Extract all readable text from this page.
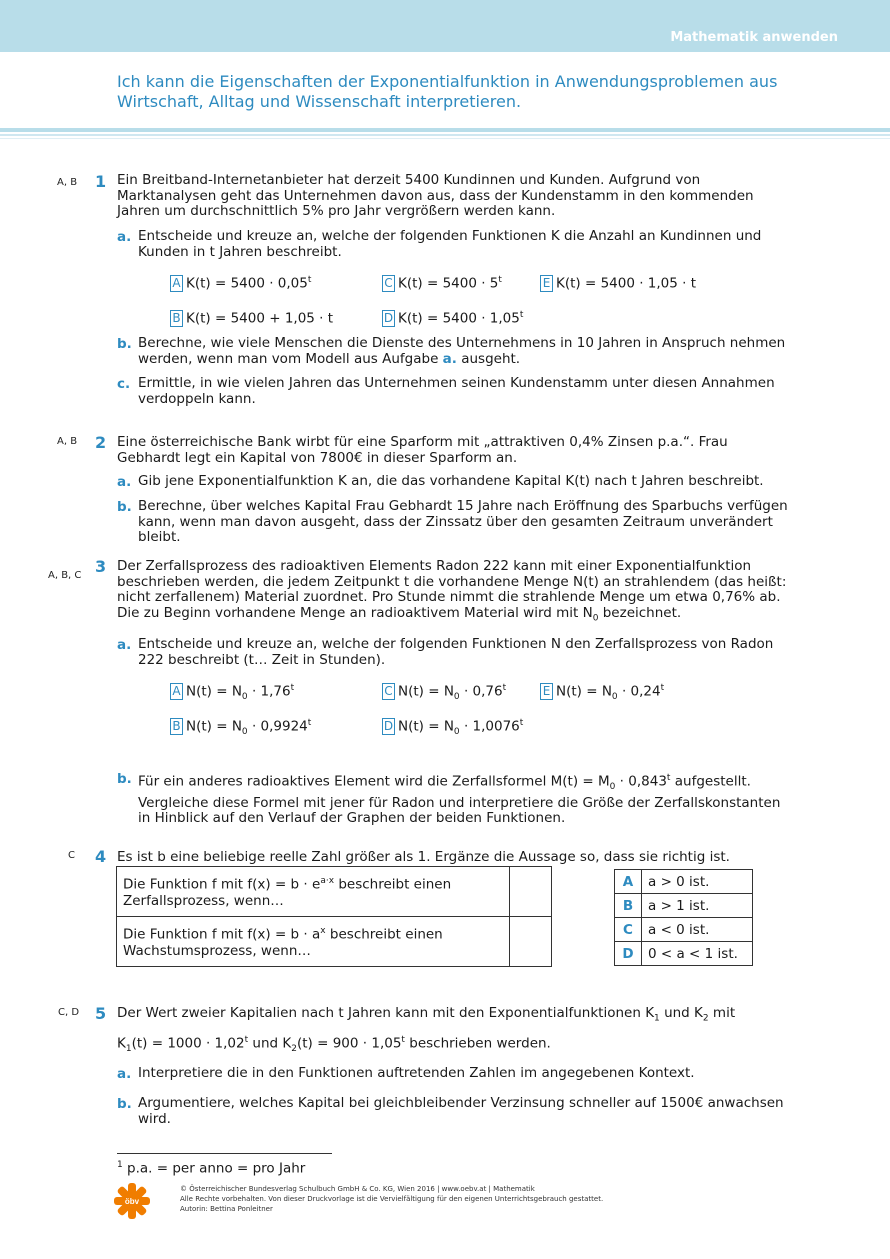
Mathematik anwenden
Ich kann die Eigenschaften der Exponentialfunktion in Anwendungsproblemen aus Wirtschaft, Alltag und Wissenschaft interpretieren.
A, B 1 Ein Breitband-Internetanbieter hat derzeit 5400 Kundinnen und Kunden. Aufgrund von Marktanalysen geht das Unternehmen davon aus, dass der Kundenstamm in den kommenden Jahren um durchschnittlich 5% pro Jahr vergrößern werden kann.
a. Entscheide und kreuze an, welche der folgenden Funktionen K die Anzahl an Kundinnen und Kunden in t Jahren beschreibt.
A $K(t) = 5400 \cdot 0,05^t$	C $K(t) = 5400 \cdot 5^t$	E K(t) = 5400 · 1,05 · t
B K(t) = 5400 + 1,05 · t	D $K(t) = 5400 \cdot 1,05^t$
b. Berechne, wie viele Menschen die Dienste des Unternehmens in 10 Jahren in Anspruch nehmen werden, wenn man vom Modell aus Aufgabe a. ausgeht.
c. Ermittle, in wie vielen Jahren das Unternehmen seinen Kundenstamm unter diesen Annahmen verdoppeln kann.
A, B 2 Eine österreichische Bank wirbt für eine Sparform mit „attraktiven 0,4% Zinsen p.a.“. Frau Gebhardt legt ein Kapital von 7800€ in dieser Sparform an.
a. Gib jene Exponentialfunktion K an, die das vorhandene Kapital K(t) nach t Jahren beschreibt.
b. Berechne, über welches Kapital Frau Gebhardt 15 Jahre nach Eröffnung des Sparbuchs verfügen kann, wenn man davon ausgeht, dass der Zinssatz über den gesamten Zeitraum unverändert bleibt.
A, B, C 3 Der Zerfallsprozess des radioaktiven Elements Radon 222 kann mit einer Exponentialfunktion beschrieben werden, die jedem Zeitpunkt t die vorhandene Menge N(t) an strahlendem (das heißt: nicht zerfallenem) Material zuordnet. Pro Stunde nimmt die strahlende Menge um etwa 0,76% ab. Die zu Beginn vorhandene Menge an radioaktivem Material wird mit $N_0$ bezeichnet.
a. Entscheide und kreuze an, welche der folgenden Funktionen N den Zerfallsprozess von Radon 222 beschreibt (t… Zeit in Stunden).
A $N(t) = N_0 \cdot 1,76^t$	C $N(t) = N_0 \cdot 0,76^t$	E $N(t) = N_0 \cdot 0,24^t$
B $N(t) = N_0 \cdot 0,9924^t$	D $N(t) = N_0 \cdot 1,0076^t$
b. Für ein anderes radioaktives Element wird die Zerfallsformel $M(t) = M_0 \cdot 0,843^t$ aufgestellt. Vergleiche diese Formel mit jener für Radon und interpretiere die Größe der Zerfallskonstanten in Hinblick auf den Verlauf der Graphen der beiden Funktionen.
C 4 Es ist b eine beliebige reelle Zahl größer als 1. Ergänze die Aussage so, dass sie richtig ist.
Die Funktion f mit $f(x) = b \cdot e^{a\cdot x}$ beschreibt einen Zerfallsprozess, wenn…	
Die Funktion f mit $f(x) = b \cdot a^x$ beschreibt einen Wachstumsprozess, wenn…	
A	a > 0 ist.
B	a > 1 ist.
C	a < 0 ist.
D	0 < a < 1 ist.
C, D 5 Der Wert zweier Kapitalien nach t Jahren kann mit den Exponentialfunktionen $K_1$ und $K_2$ mit
$K_1(t) = 1000 \cdot 1,02^t$ und $K_2(t) = 900 \cdot 1,05^t$ beschrieben werden.
a. Interpretiere die in den Funktionen auftretenden Zahlen im angegebenen Kontext.
b. Argumentiere, welches Kapital bei gleichbleibender Verzinsung schneller auf 1500€ anwachsen wird.
$^1$ p.a. = per anno = pro Jahr
öbv
© Österreichischer Bundesverlag Schulbuch GmbH & Co. KG, Wien 2016 | www.oebv.at | Mathematik
Alle Rechte vorbehalten. Von dieser Druckvorlage ist die Vervielfältigung für den eigenen Unterrichtsgebrauch gestattet.
Autorin: Bettina Ponleitner
